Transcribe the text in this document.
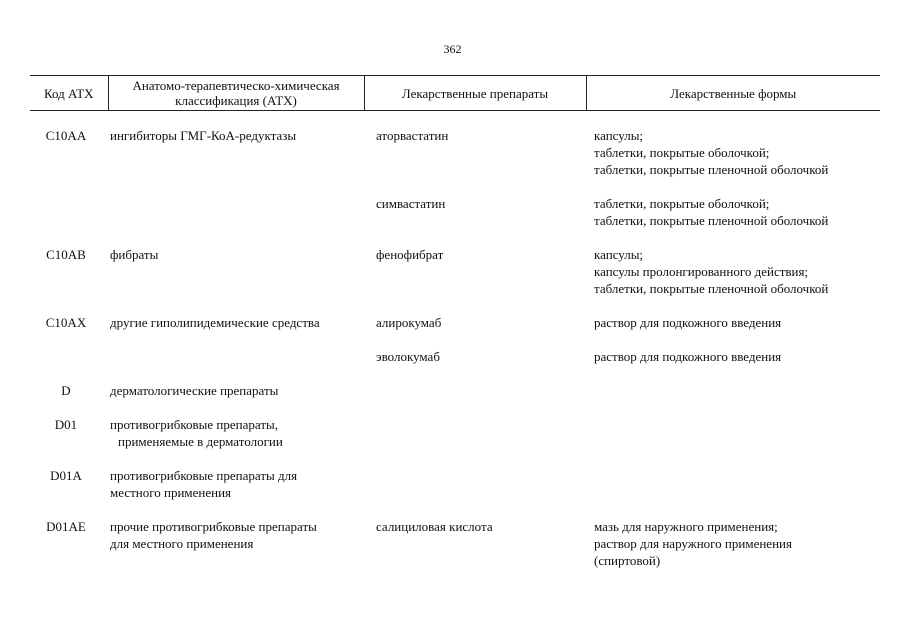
362
Код АТХ	Анатомо-терапевтическо-химическая
классификация (АТХ)	Лекарственные препараты	Лекарственные формы

C10AA	ингибиторы ГМГ-КоА-редуктазы	аторвастатин	капсулы;
таблетки, покрытые оболочкой;
таблетки, покрытые пленочной оболочкой

		симвастатин	таблетки, покрытые оболочкой;
таблетки, покрытые пленочной оболочкой

C10AB	фибраты	фенофибрат	капсулы;
капсулы пролонгированного действия;
таблетки, покрытые пленочной оболочкой

C10AX	другие гиполипидемические средства	алирокумаб	раствор для подкожного введения

		эволокумаб	раствор для подкожного введения

D	дерматологические препараты		

D01	противогрибковые препараты,
применяемые в дерматологии		

D01A	противогрибковые препараты для
местного применения		

D01AE	прочие противогрибковые препараты
для местного применения	салициловая кислота	мазь для наружного применения;
раствор для наружного применения
(спиртовой)
